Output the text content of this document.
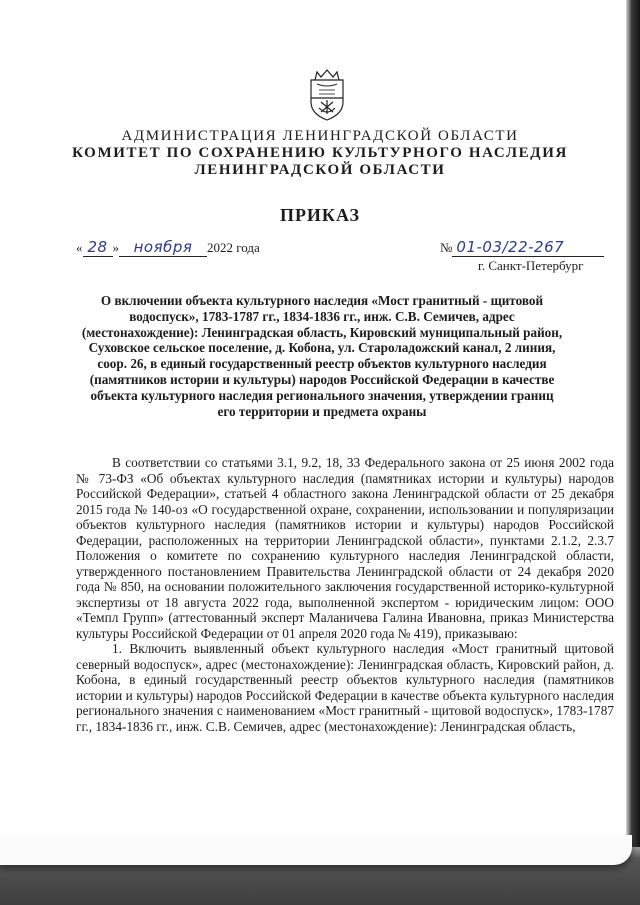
АДМИНИСТРАЦИЯ ЛЕНИНГРАДСКОЙ ОБЛАСТИ
КОМИТЕТ ПО СОХРАНЕНИЮ КУЛЬТУРНОГО НАСЛЕДИЯ
ЛЕНИНГРАДСКОЙ ОБЛАСТИ
ПРИКАЗ
« 28 » ноября 2022 года	№ 01-03/22-267
г. Санкт-Петербург
О включении объекта культурного наследия «Мост гранитный - щитовой водоспуск», 1783-1787 гг., 1834-1836 гг., инж. С.В. Семичев, адрес (местонахождение): Ленинградская область, Кировский муниципальный район, Суховское сельское поселение, д. Кобона, ул. Староладожский канал, 2 линия, соор. 26, в единый государственный реестр объектов культурного наследия (памятников истории и культуры) народов Российской Федерации в качестве объекта культурного наследия регионального значения, утверждении границ его территории и предмета охраны

В соответствии со статьями 3.1, 9.2, 18, 33 Федерального закона от 25 июня 2002 года № 73-ФЗ «Об объектах культурного наследия (памятниках истории и культуры) народов Российской Федерации», статьей 4 областного закона Ленинградской области от 25 декабря 2015 года № 140-оз «О государственной охране, сохранении, использовании и популяризации объектов культурного наследия (памятников истории и культуры) народов Российской Федерации, расположенных на территории Ленинградской области», пунктами 2.1.2, 2.3.7 Положения о комитете по сохранению культурного наследия Ленинградской области, утвержденного постановлением Правительства Ленинградской области от 24 декабря 2020 года № 850, на основании положительного заключения государственной историко-культурной экспертизы от 18 августа 2022 года, выполненной экспертом - юридическим лицом: ООО «Темпл Групп» (аттестованный эксперт Маланичева Галина Ивановна, приказ Министерства культуры Российской Федерации от 01 апреля 2020 года № 419), приказываю:

1. Включить выявленный объект культурного наследия «Мост гранитный щитовой северный водоспуск», адрес (местонахождение): Ленинградская область, Кировский район, д. Кобона, в единый государственный реестр объектов культурного наследия (памятников истории и культуры) народов Российской Федерации в качестве объекта культурного наследия регионального значения с наименованием «Мост гранитный - щитовой водоспуск», 1783-1787 гг., 1834-1836 гг., инж. С.В. Семичев, адрес (местонахождение): Ленинградская область,
